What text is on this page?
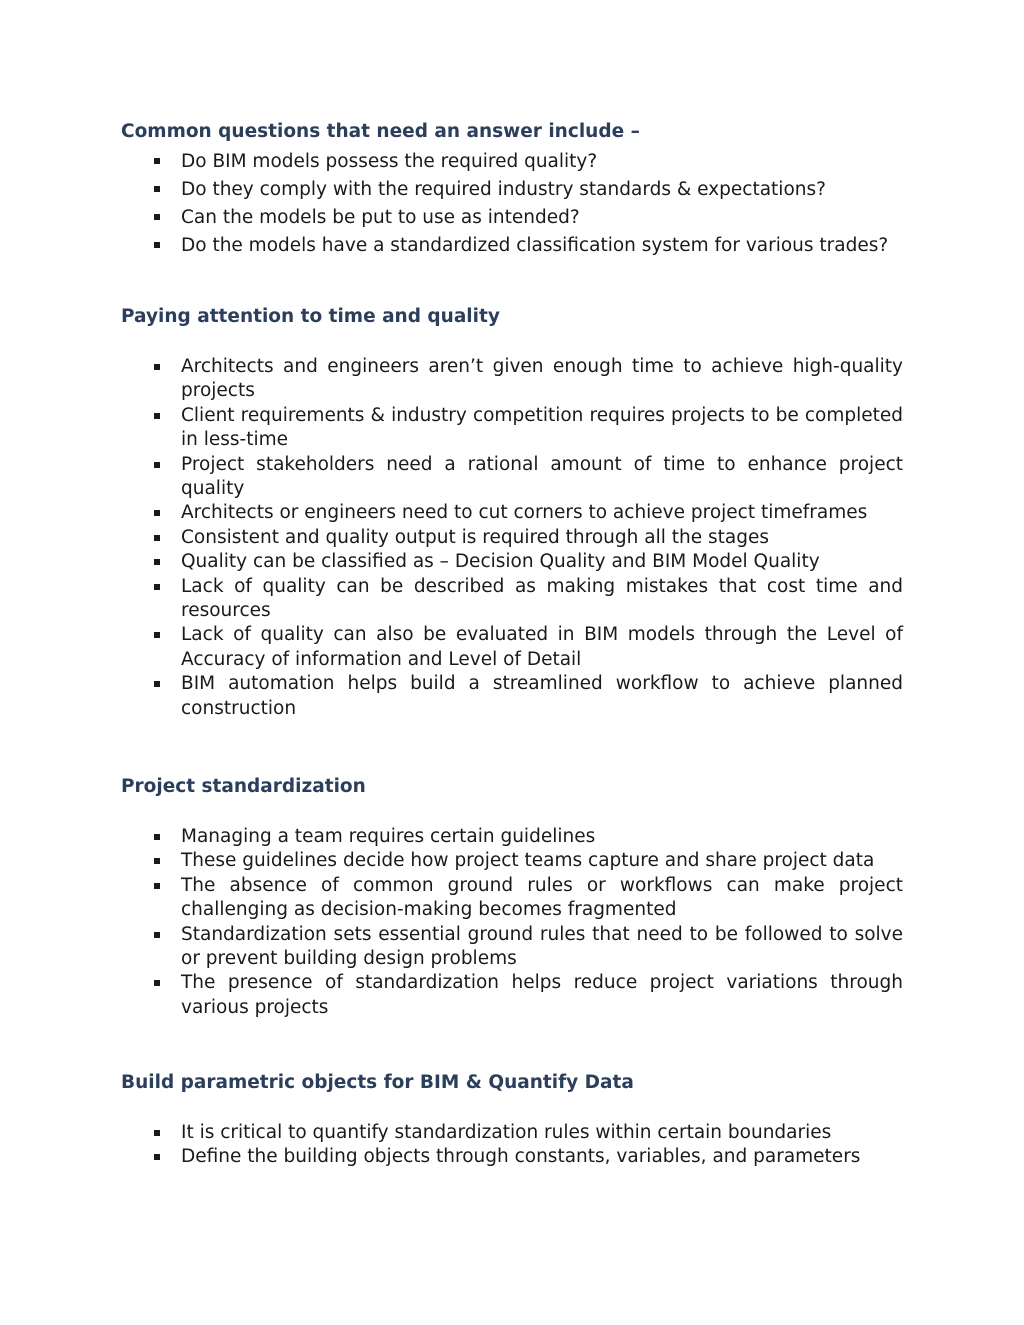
Common questions that need an answer include –
Do BIM models possess the required quality?
Do they comply with the required industry standards & expectations?
Can the models be put to use as intended?
Do the models have a standardized classification system for various trades?
Paying attention to time and quality
Architects and engineers aren’t given enough time to achieve high-quality projects
Client requirements & industry competition requires projects to be completed in less-time
Project stakeholders need a rational amount of time to enhance project quality
Architects or engineers need to cut corners to achieve project timeframes
Consistent and quality output is required through all the stages
Quality can be classified as – Decision Quality and BIM Model Quality
Lack of quality can be described as making mistakes that cost time and resources
Lack of quality can also be evaluated in BIM models through the Level of Accuracy of information and Level of Detail
BIM automation helps build a streamlined workflow to achieve planned construction
Project standardization
Managing a team requires certain guidelines
These guidelines decide how project teams capture and share project data
The absence of common ground rules or workflows can make project challenging as decision-making becomes fragmented
Standardization sets essential ground rules that need to be followed to solve or prevent building design problems
The presence of standardization helps reduce project variations through various projects
Build parametric objects for BIM & Quantify Data
It is critical to quantify standardization rules within certain boundaries
Define the building objects through constants, variables, and parameters
